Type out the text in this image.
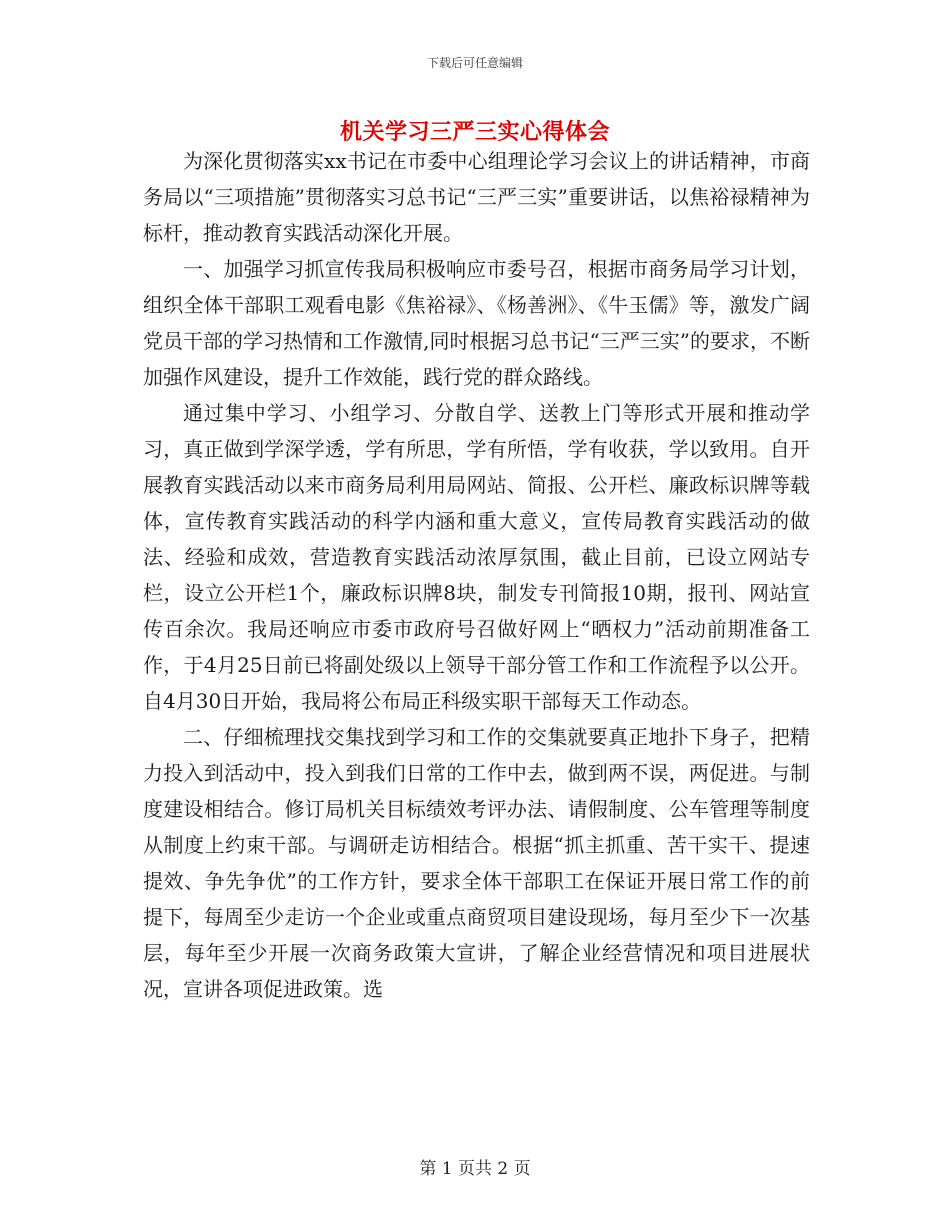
下载后可任意编辑
机关学习三严三实心得体会

为深化贯彻落实xx书记在市委中心组理论学习会议上的讲话精神，市商务局以“三项措施”贯彻落实习总书记“三严三实”重要讲话，以焦裕禄精神为标杆，推动教育实践活动深化开展。

一、加强学习抓宣传我局积极响应市委号召，根据市商务局学习计划，组织全体干部职工观看电影《焦裕禄》、《杨善洲》、《牛玉儒》等，激发广阔党员干部的学习热情和工作激情,同时根据习总书记“三严三实”的要求，不断加强作风建设，提升工作效能，践行党的群众路线。

通过集中学习、小组学习、分散自学、送教上门等形式开展和推动学习，真正做到学深学透，学有所思，学有所悟，学有收获，学以致用。自开展教育实践活动以来市商务局利用局网站、简报、公开栏、廉政标识牌等载体，宣传教育实践活动的科学内涵和重大意义，宣传局教育实践活动的做法、经验和成效，营造教育实践活动浓厚氛围，截止目前，已设立网站专栏，设立公开栏1个，廉政标识牌8块，制发专刊简报10期，报刊、网站宣传百余次。我局还响应市委市政府号召做好网上“晒权力”活动前期准备工作，于4月25日前已将副处级以上领导干部分管工作和工作流程予以公开。自4月30日开始，我局将公布局正科级实职干部每天工作动态。

二、仔细梳理找交集找到学习和工作的交集就要真正地扑下身子，把精力投入到活动中，投入到我们日常的工作中去，做到两不误，两促进。与制度建设相结合。修订局机关目标绩效考评办法、请假制度、公车管理等制度从制度上约束干部。与调研走访相结合。根据“抓主抓重、苦干实干、提速提效、争先争优”的工作方针，要求全体干部职工在保证开展日常工作的前提下，每周至少走访一个企业或重点商贸项目建设现场，每月至少下一次基层，每年至少开展一次商务政策大宣讲，了解企业经营情况和项目进展状况，宣讲各项促进政策。选

第 1 页共 2 页
